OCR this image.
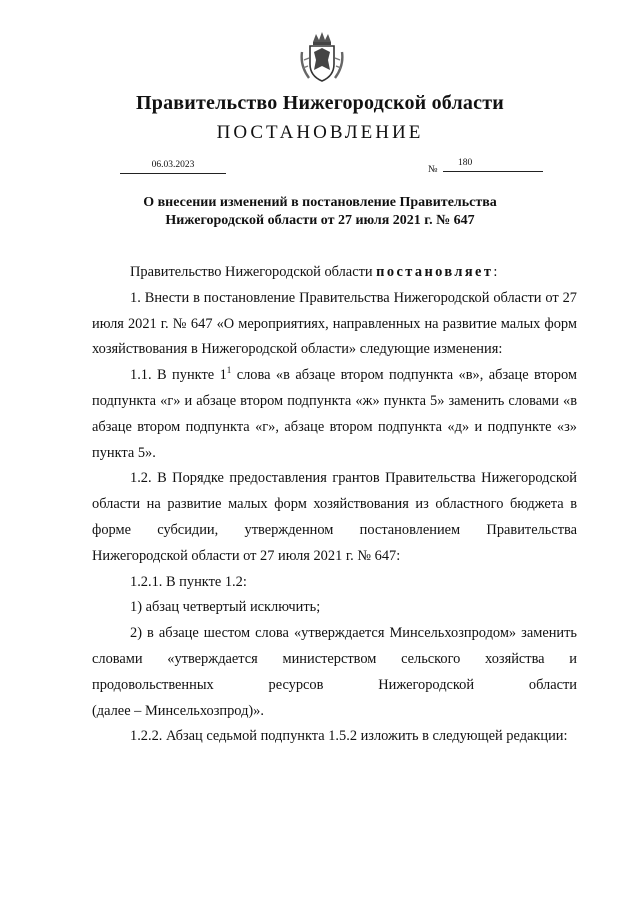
Правительство Нижегородской области
ПОСТАНОВЛЕНИЕ
06.03.2023	№
180
О внесении изменений в постановление Правительства
Нижегородской области от 27 июля 2021 г. № 647

Правительство Нижегородской области постановляет:

1. Внести в постановление Правительства Нижегородской области от 27 июля 2021 г. № 647 «О мероприятиях, направленных на развитие малых форм хозяйствования в Нижегородской области» следующие изменения:

1.1. В пункте $1^1$ слова «в абзаце втором подпункта «в», абзаце втором подпункта «г» и абзаце втором подпункта «ж» пункта 5» заменить словами «в абзаце втором подпункта «г», абзаце втором подпункта «д» и подпункте «з» пункта 5».

1.2. В Порядке предоставления грантов Правительства Нижегородской области на развитие малых форм хозяйствования из областного бюджета в форме субсидии, утвержденном постановлением Правительства Нижегородской области от 27 июля 2021 г. № 647:

1.2.1. В пункте 1.2:

1) абзац четвертый исключить;

2) в абзаце шестом слова «утверждается Минсельхозпродом» заменить словами «утверждается министерством сельского хозяйства и продовольственных ресурсов Нижегородской области

(далее – Минсельхозпрод)».

1.2.2. Абзац седьмой подпункта 1.5.2 изложить в следующей редакции:
